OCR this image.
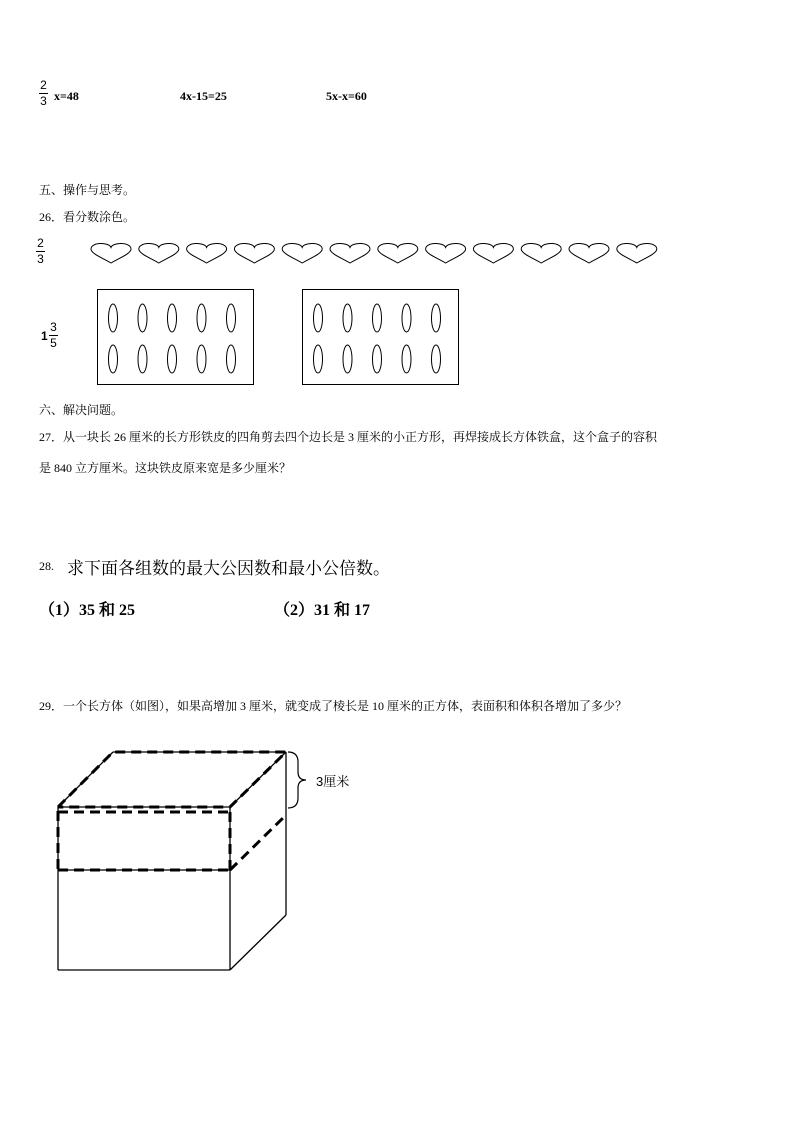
2
3 x=48	4x-15=25	5x-x=60
五、操作与思考。
26．看分数涂色。
2
3
1
3
5
六、解决问题。
27．从一块长 26 厘米的长方形铁皮的四角剪去四个边长是 3 厘米的小正方形，再焊接成长方体铁盒，这个盒子的容积
是 840 立方厘米。这块铁皮原来宽是多少厘米？
28. 求下面各组数的最大公因数和最小公倍数。
（1）35 和 25	（2）31 和 17
29．一个长方体（如图），如果高增加 3 厘米，就变成了棱长是 10 厘米的正方体，表面积和体积各增加了多少？
3厘米
